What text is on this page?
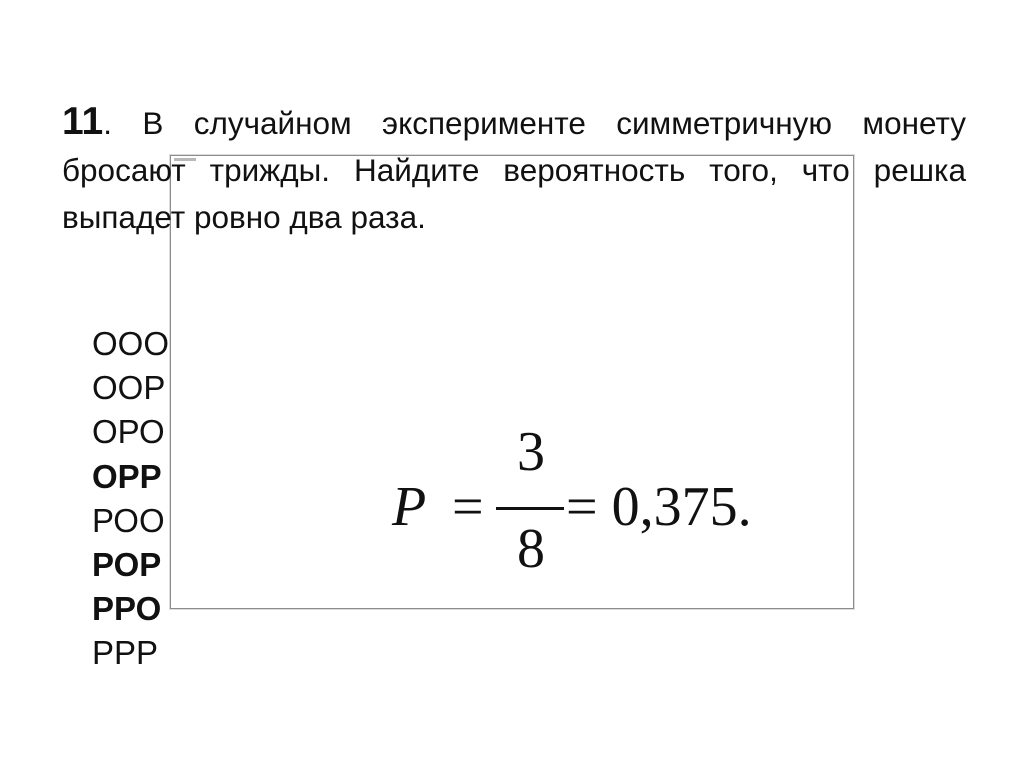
11. В случайном эксперименте симметричную монету бросают трижды. Найдите вероятность того, что решка выпадет ровно два раза.
ООО
ООР
ОРО
ОРР
РОО
РОР
РРО
РРР
P =
3
8
= 0,375.
